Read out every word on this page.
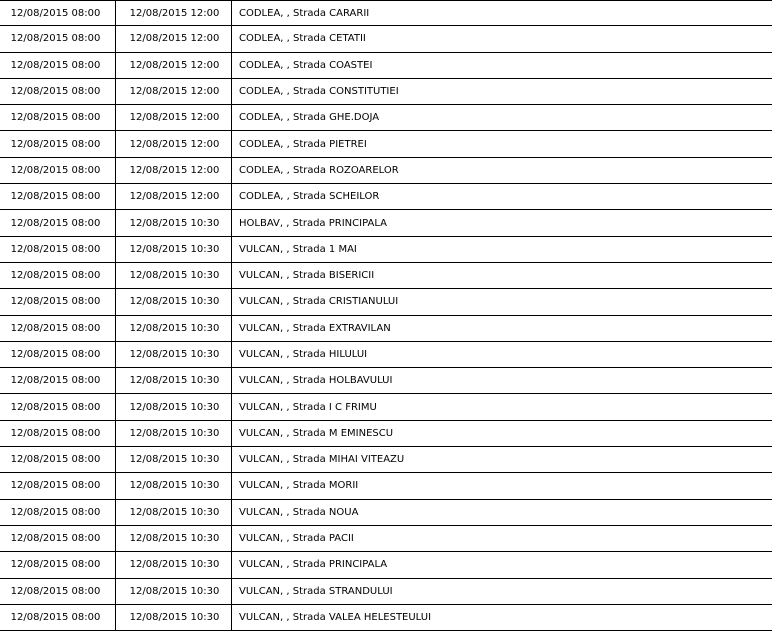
12/08/2015 08:00	12/08/2015 12:00	CODLEA, , Strada CARARII
12/08/2015 08:00	12/08/2015 12:00	CODLEA, , Strada CETATII
12/08/2015 08:00	12/08/2015 12:00	CODLEA, , Strada COASTEI
12/08/2015 08:00	12/08/2015 12:00	CODLEA, , Strada CONSTITUTIEI
12/08/2015 08:00	12/08/2015 12:00	CODLEA, , Strada GHE.DOJA
12/08/2015 08:00	12/08/2015 12:00	CODLEA, , Strada PIETREI
12/08/2015 08:00	12/08/2015 12:00	CODLEA, , Strada ROZOARELOR
12/08/2015 08:00	12/08/2015 12:00	CODLEA, , Strada SCHEILOR
12/08/2015 08:00	12/08/2015 10:30	HOLBAV, , Strada PRINCIPALA
12/08/2015 08:00	12/08/2015 10:30	VULCAN, , Strada 1 MAI
12/08/2015 08:00	12/08/2015 10:30	VULCAN, , Strada BISERICII
12/08/2015 08:00	12/08/2015 10:30	VULCAN, , Strada CRISTIANULUI
12/08/2015 08:00	12/08/2015 10:30	VULCAN, , Strada EXTRAVILAN
12/08/2015 08:00	12/08/2015 10:30	VULCAN, , Strada HILULUI
12/08/2015 08:00	12/08/2015 10:30	VULCAN, , Strada HOLBAVULUI
12/08/2015 08:00	12/08/2015 10:30	VULCAN, , Strada I C FRIMU
12/08/2015 08:00	12/08/2015 10:30	VULCAN, , Strada M EMINESCU
12/08/2015 08:00	12/08/2015 10:30	VULCAN, , Strada MIHAI VITEAZU
12/08/2015 08:00	12/08/2015 10:30	VULCAN, , Strada MORII
12/08/2015 08:00	12/08/2015 10:30	VULCAN, , Strada NOUA
12/08/2015 08:00	12/08/2015 10:30	VULCAN, , Strada PACII
12/08/2015 08:00	12/08/2015 10:30	VULCAN, , Strada PRINCIPALA
12/08/2015 08:00	12/08/2015 10:30	VULCAN, , Strada STRANDULUI
12/08/2015 08:00	12/08/2015 10:30	VULCAN, , Strada VALEA HELESTEULUI
